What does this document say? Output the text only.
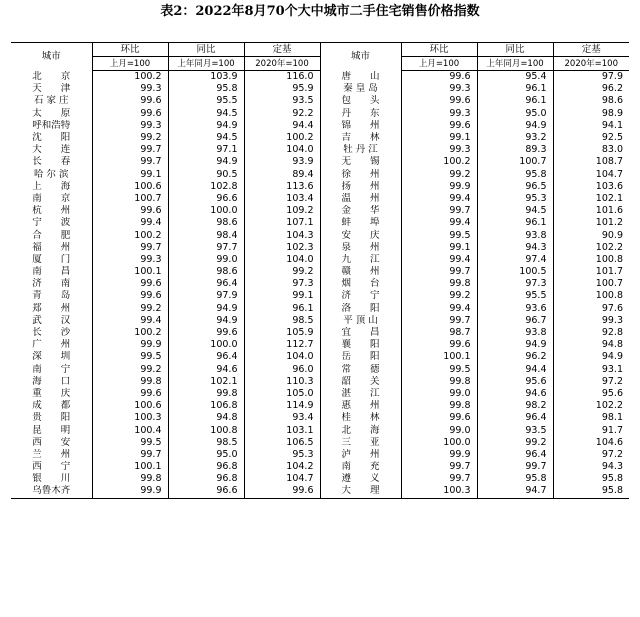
表2：2022年8月70个大中城市二手住宅销售价格指数
城市	环比	同比	定基	城市	环比	同比	定基
	上月=100	上年同月=100	2020年=100		上月=100	上年同月=100	2020年=100
北　　京	100.2	103.9	116.0	唐　　山	99.6	95.4	97.9
天　　津	99.3	95.8	95.9	秦 皇 岛	99.3	96.1	96.2
石 家 庄	99.6	95.5	93.5	包　　头	99.6	96.1	98.6
太　　原	99.6	94.5	92.2	丹　　东	99.3	95.0	98.9
呼和浩特	99.3	94.9	94.4	锦　　州	99.6	94.9	94.1
沈　　阳	99.2	94.5	100.2	吉　　林	99.1	93.2	92.5
大　　连	99.7	97.1	104.0	牡 丹 江	99.3	89.3	83.0
长　　春	99.7	94.9	93.9	无　　锡	100.2	100.7	108.7
哈 尔 滨	99.1	90.5	89.4	徐　　州	99.2	95.8	104.7
上　　海	100.6	102.8	113.6	扬　　州	99.9	96.5	103.6
南　　京	100.7	96.6	103.4	温　　州	99.4	95.3	102.1
杭　　州	99.6	100.0	109.2	金　　华	99.7	94.5	101.6
宁　　波	99.4	98.6	107.1	蚌　　埠	99.4	96.1	101.2
合　　肥	100.2	98.4	104.3	安　　庆	99.5	93.8	90.9
福　　州	99.7	97.7	102.3	泉　　州	99.1	94.3	102.2
厦　　门	99.3	99.0	104.0	九　　江	99.4	97.4	100.8
南　　昌	100.1	98.6	99.2	赣　　州	99.7	100.5	101.7
济　　南	99.6	96.4	97.3	烟　　台	99.8	97.3	100.7
青　　岛	99.6	97.9	99.1	济　　宁	99.2	95.5	100.8
郑　　州	99.2	94.9	96.1	洛　　阳	99.4	93.6	97.6
武　　汉	99.4	94.9	98.5	平 顶 山	99.7	96.7	99.3
长　　沙	100.2	99.6	105.9	宜　　昌	98.7	93.8	92.8
广　　州	99.9	100.0	112.7	襄　　阳	99.6	94.9	94.8
深　　圳	99.5	96.4	104.0	岳　　阳	100.1	96.2	94.9
南　　宁	99.2	94.6	96.0	常　　德	99.5	94.4	93.1
海　　口	99.8	102.1	110.3	韶　　关	99.8	95.6	97.2
重　　庆	99.6	99.8	105.0	湛　　江	99.0	94.6	95.6
成　　都	100.6	106.8	114.9	惠　　州	99.8	98.2	102.2
贵　　阳	100.3	94.8	93.4	桂　　林	99.6	96.4	98.1
昆　　明	100.4	100.8	103.1	北　　海	99.0	93.5	91.7
西　　安	99.5	98.5	106.5	三　　亚	100.0	99.2	104.6
兰　　州	99.7	95.0	95.3	泸　　州	99.9	96.4	97.2
西　　宁	100.1	96.8	104.2	南　　充	99.7	99.7	94.3
银　　川	99.8	96.8	104.7	遵　　义	99.7	95.8	95.8
乌鲁木齐	99.9	96.6	99.6	大　　理	100.3	94.7	95.8
